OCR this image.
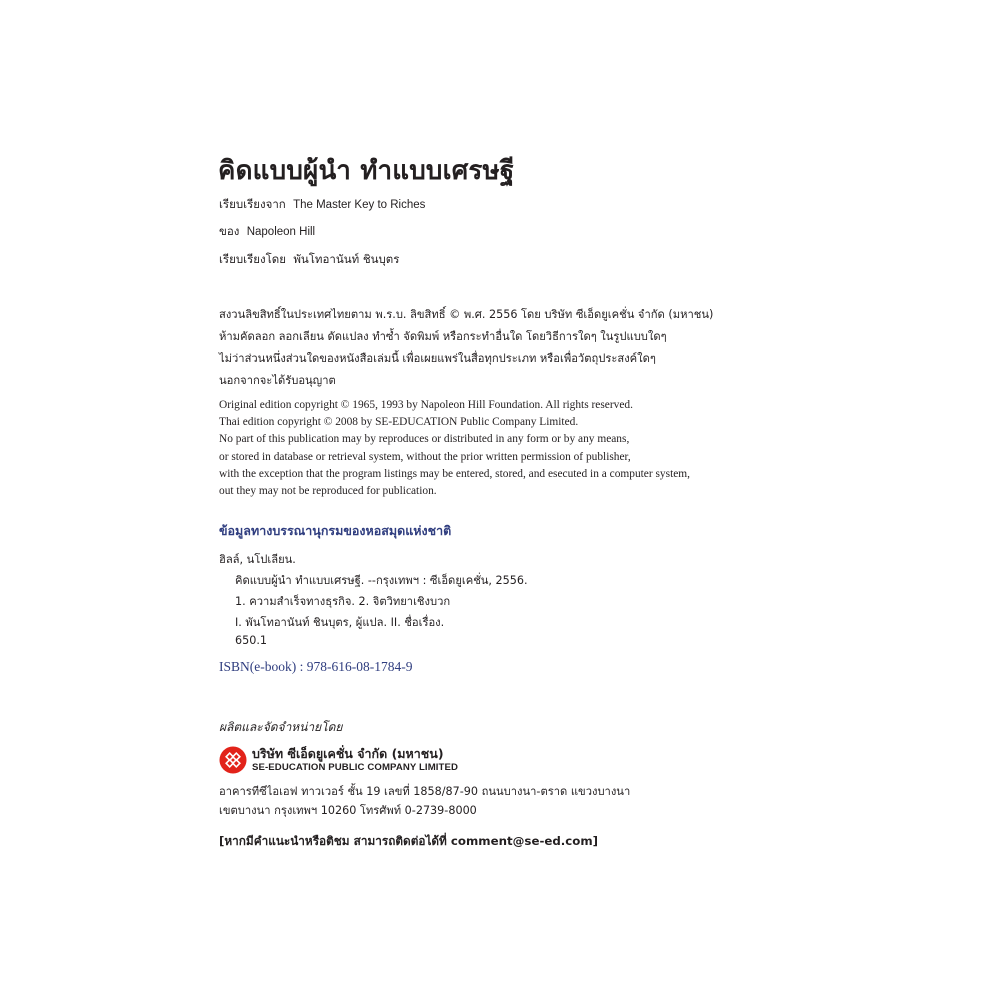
คิดแบบผู้นำ ทำแบบเศรษฐี
เรียบเรียงจาก The Master Key to Riches
ของ Napoleon Hill
เรียบเรียงโดย พันโทอานันท์ ชินบุตร
สงวนลิขสิทธิ์ในประเทศไทยตาม พ.ร.บ. ลิขสิทธิ์ © พ.ศ. 2556 โดย บริษัท ซีเอ็ดยูเคชั่น จำกัด (มหาชน)
ห้ามคัดลอก ลอกเลียน ดัดแปลง ทำซ้ำ จัดพิมพ์ หรือกระทำอื่นใด โดยวิธีการใดๆ ในรูปแบบใดๆ
ไม่ว่าส่วนหนึ่งส่วนใดของหนังสือเล่มนี้ เพื่อเผยแพร่ในสื่อทุกประเภท หรือเพื่อวัตถุประสงค์ใดๆ
นอกจากจะได้รับอนุญาต
Original edition copyright © 1965, 1993 by Napoleon Hill Foundation. All rights reserved.
Thai edition copyright © 2008 by SE-EDUCATION Public Company Limited.
No part of this publication may by reproduces or distributed in any form or by any means,
or stored in database or retrieval system, without the prior written permission of publisher,
with the exception that the program listings may be entered, stored, and esecuted in a computer system,
out they may not be reproduced for publication.
ข้อมูลทางบรรณานุกรมของหอสมุดแห่งชาติ
ฮิลล์, นโปเลียน.
คิดแบบผู้นำ ทำแบบเศรษฐี. --กรุงเทพฯ : ซีเอ็ดยูเคชั่น, 2556.
1. ความสำเร็จทางธุรกิจ. 2. จิตวิทยาเชิงบวก
I. พันโทอานันท์ ชินบุตร, ผู้แปล. II. ชื่อเรื่อง.
650.1
ISBN(e-book) : 978-616-08-1784-9
ผลิตและจัดจำหน่ายโดย
บริษัท ซีเอ็ดยูเคชั่น จำกัด (มหาชน)
SE-EDUCATION PUBLIC COMPANY LIMITED
อาคารทีซีไอเอฟ ทาวเวอร์ ชั้น 19 เลขที่ 1858/87-90 ถนนบางนา-ตราด แขวงบางนา
เขตบางนา กรุงเทพฯ 10260 โทรศัพท์ 0-2739-8000
[หากมีคำแนะนำหรือติชม สามารถติดต่อได้ที่ comment@se-ed.com]
